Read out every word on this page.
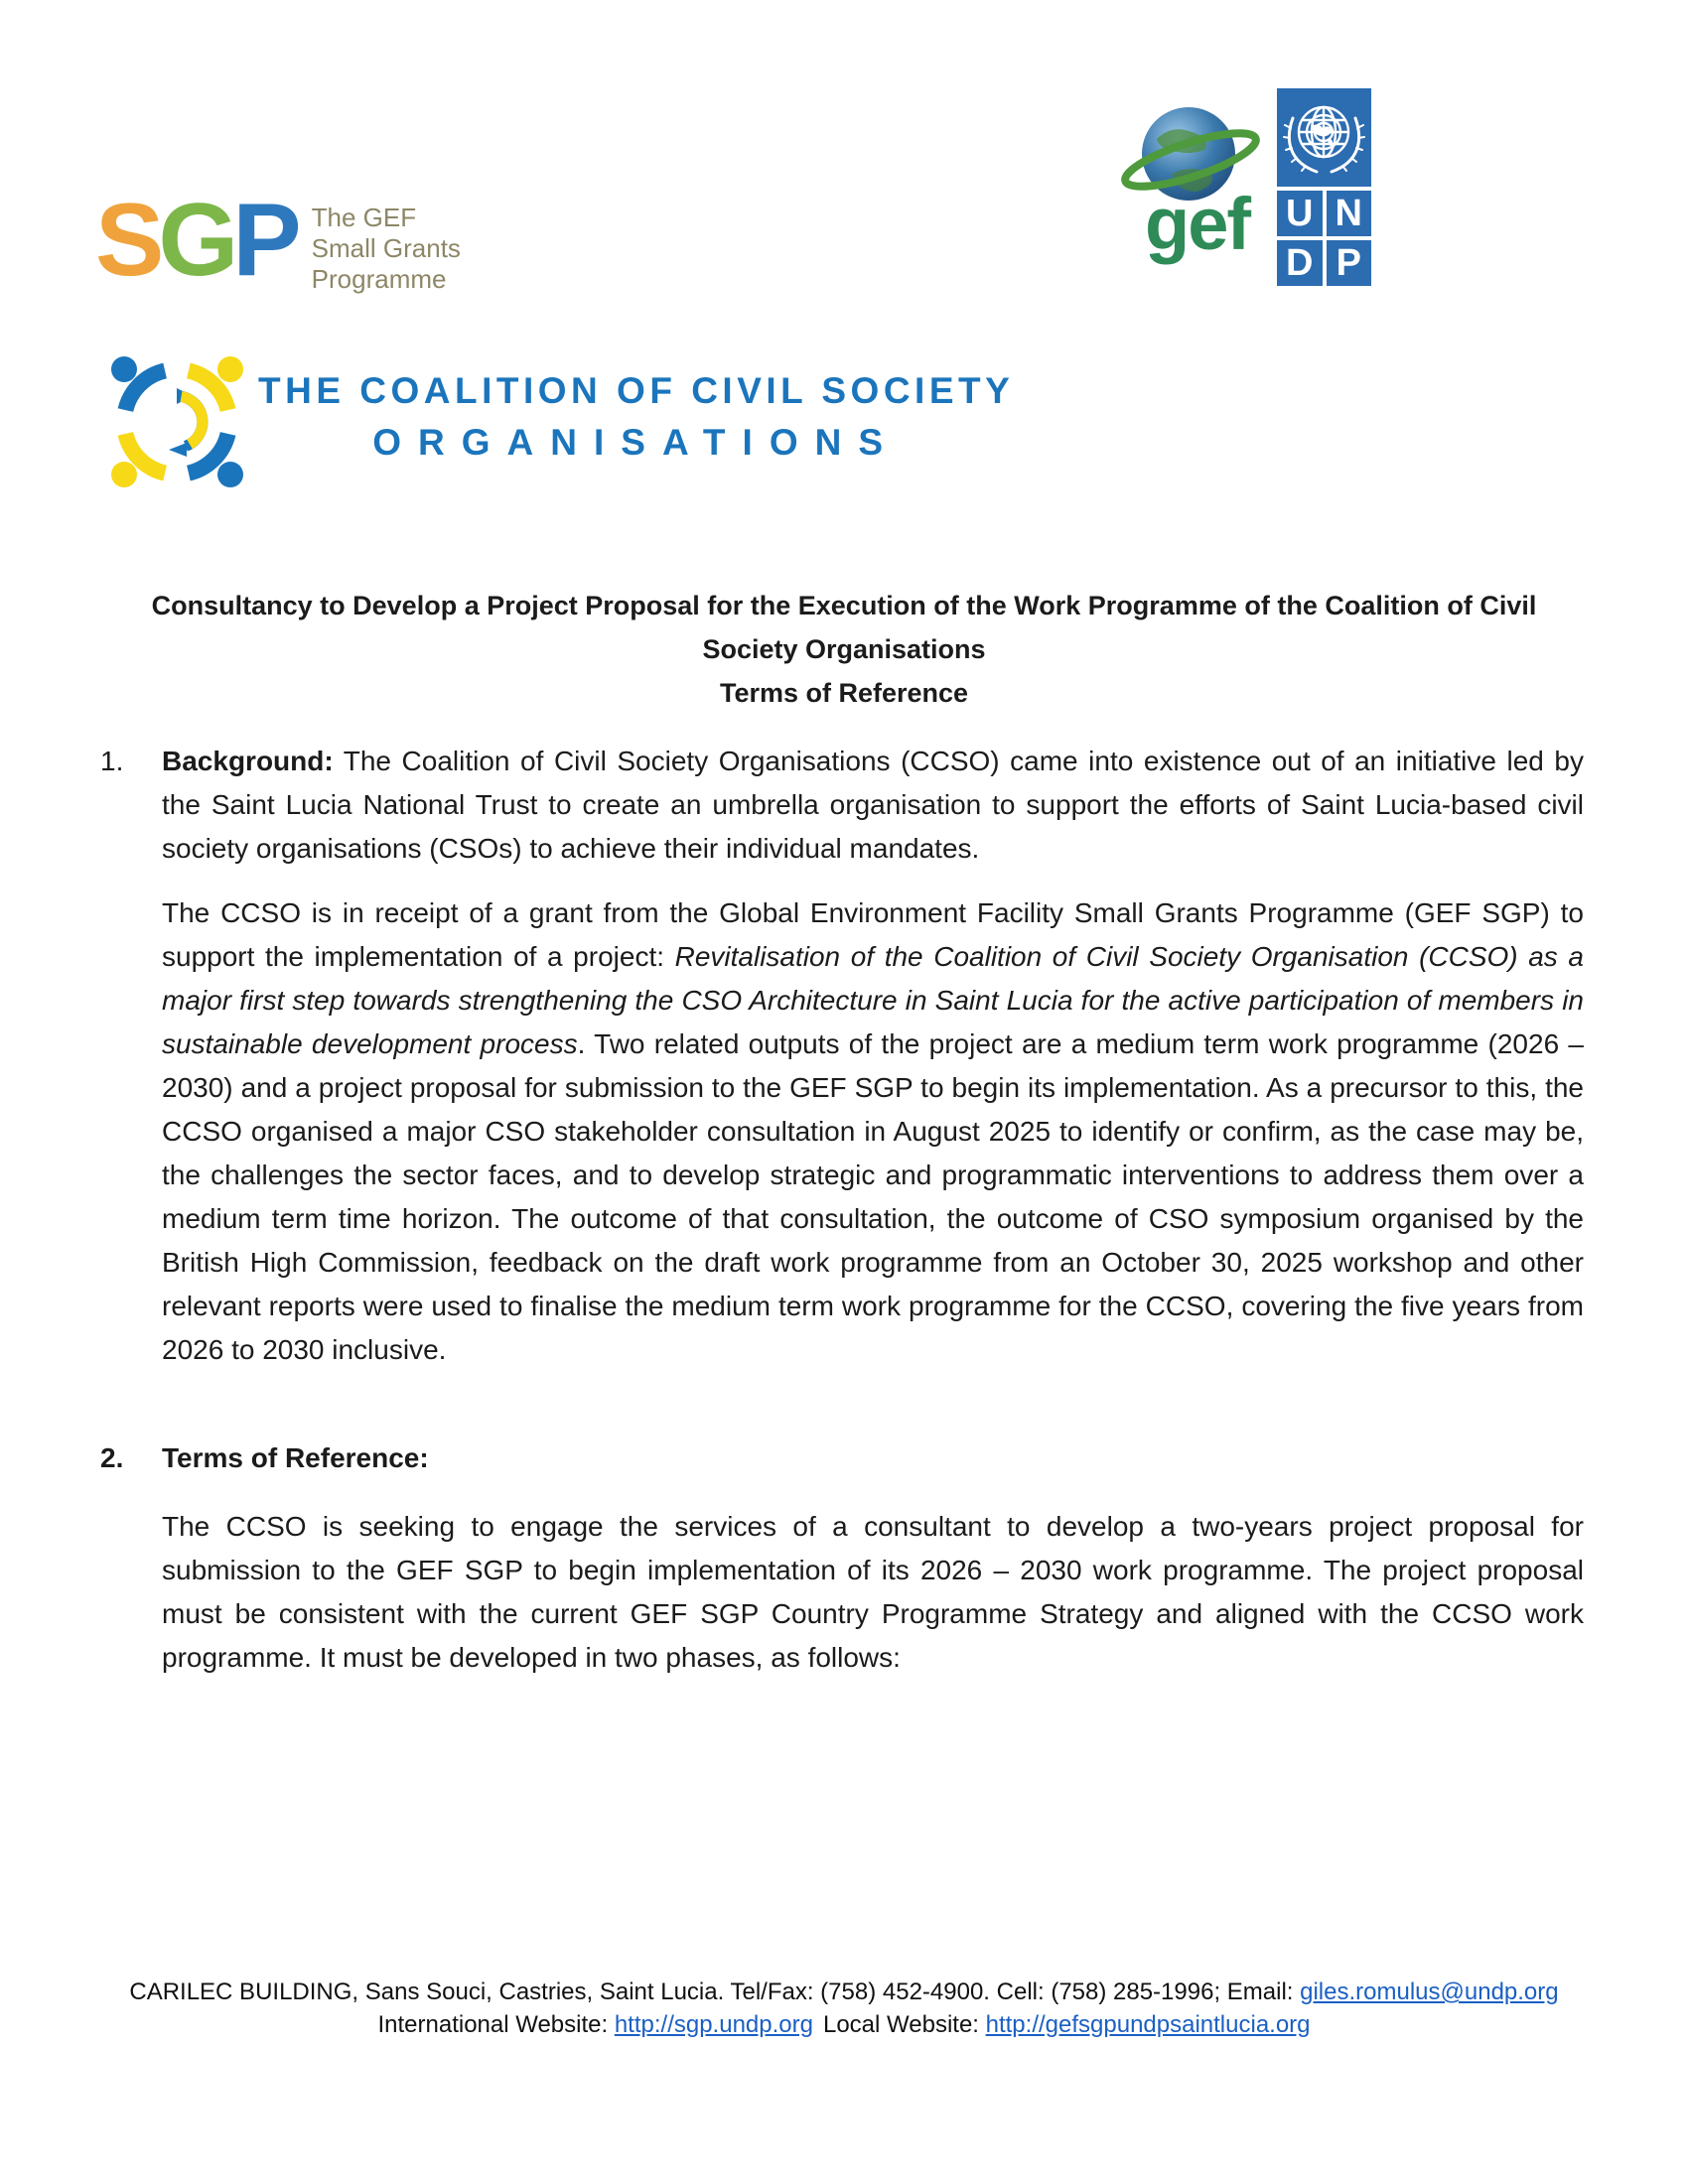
SGP The GEF
Small Grants
Programme
gef U N
D P
THE COALITION OF CIVIL SOCIETY
ORGANISATIONS
Consultancy to Develop a Project Proposal for the Execution of the Work Programme of the Coalition of Civil
Society Organisations
Terms of Reference
1. Background: The Coalition of Civil Society Organisations (CCSO) came into existence out of an initiative led by the Saint Lucia National Trust to create an umbrella organisation to support the efforts of Saint Lucia-based civil society organisations (CSOs) to achieve their individual mandates.
The CCSO is in receipt of a grant from the Global Environment Facility Small Grants Programme (GEF SGP) to support the implementation of a project: Revitalisation of the Coalition of Civil Society Organisation (CCSO) as a major first step towards strengthening the CSO Architecture in Saint Lucia for the active participation of members in sustainable development process. Two related outputs of the project are a medium term work programme (2026 – 2030) and a project proposal for submission to the GEF SGP to begin its implementation. As a precursor to this, the CCSO organised a major CSO stakeholder consultation in August 2025 to identify or confirm, as the case may be, the challenges the sector faces, and to develop strategic and programmatic interventions to address them over a medium term time horizon. The outcome of that consultation, the outcome of CSO symposium organised by the British High Commission, feedback on the draft work programme from an October 30, 2025 workshop and other relevant reports were used to finalise the medium term work programme for the CCSO, covering the five years from 2026 to 2030 inclusive.
2. Terms of Reference:
The CCSO is seeking to engage the services of a consultant to develop a two-years project proposal for submission to the GEF SGP to begin implementation of its 2026 – 2030 work programme. The project proposal must be consistent with the current GEF SGP Country Programme Strategy and aligned with the CCSO work programme. It must be developed in two phases, as follows:
CARILEC BUILDING, Sans Souci, Castries, Saint Lucia. Tel/Fax: (758) 452-4900. Cell: (758) 285-1996; Email: giles.romulus@undp.org
International Website: http://sgp.undp.org Local Website: http://gefsgpundpsaintlucia.org
